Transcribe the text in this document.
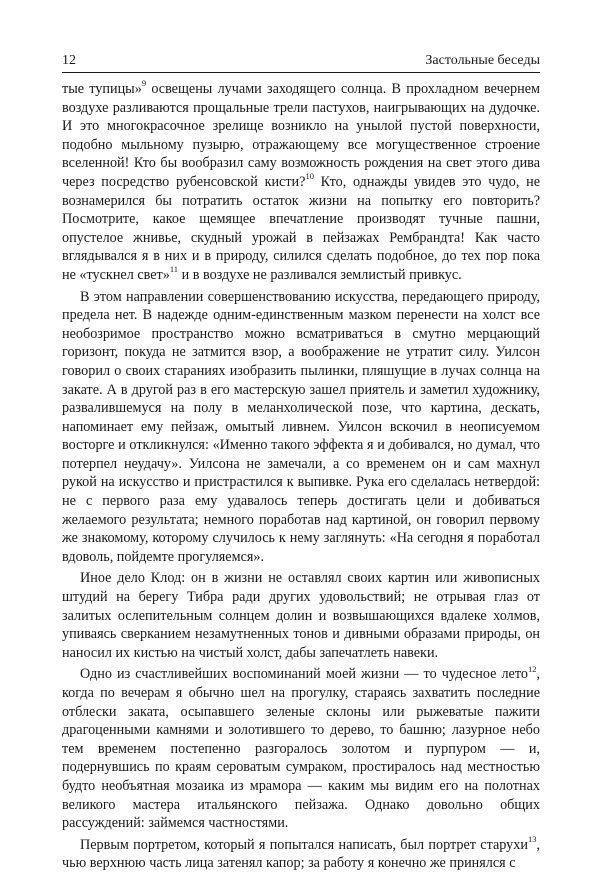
12	Застольные беседы

тые тупицы»$^9$ освещены лучами заходящего солнца. В прохладном вечернем воздухе разливаются прощальные трели пастухов, наигрывающих на дудочке. И это многокрасочное зрелище возникло на унылой пустой поверхности, подобно мыльному пузырю, отражающему все могущественное строение вселенной! Кто бы вообразил саму возможность рождения на свет этого дива через посредство рубенсовской кисти?$^{10}$ Кто, однажды увидев это чудо, не вознамерился бы потратить остаток жизни на попытку его повторить? Посмотрите, какое щемящее впечатление производят тучные пашни, опустелое жнивье, скудный урожай в пейзажах Рембрандта! Как часто вглядывался я в них и в природу, силился сделать подобное, до тех пор пока не «тускнел свет»$^{11}$ и в воздухе не разливался землистый привкус.

В этом направлении совершенствованию искусства, передающего природу, предела нет. В надежде одним-единственным мазком перенести на холст все необозримое пространство можно всматриваться в смутно мерцающий горизонт, покуда не затмится взор, а воображение не утратит силу. Уилсон говорил о своих стараниях изобразить пылинки, пляшущие в лучах солнца на закате. А в другой раз в его мастерскую зашел приятель и заметил художнику, развалившемуся на полу в меланхолической позе, что картина, дескать, напоминает ему пейзаж, омытый ливнем. Уилсон вскочил в неописуемом восторге и откликнулся: «Именно такого эффекта я и добивался, но думал, что потерпел неудачу». Уилсона не замечали, а со временем он и сам махнул рукой на искусство и пристрастился к выпивке. Рука его сделалась нетвердой: не с первого раза ему удавалось теперь достигать цели и добиваться желаемого результата; немного поработав над картиной, он говорил первому же знакомому, которому случилось к нему заглянуть: «На сегодня я поработал вдоволь, пойдемте прогуляемся».

Иное дело Клод: он в жизни не оставлял своих картин или живописных штудий на берегу Тибра ради других удовольствий; не отрывая глаз от залитых ослепительным солнцем долин и возвышающихся вдалеке холмов, упиваясь сверканием незамутненных тонов и дивными образами природы, он наносил их кистью на чистый холст, дабы запечатлеть навеки.

Одно из счастливейших воспоминаний моей жизни — то чудесное лето$^{12}$, когда по вечерам я обычно шел на прогулку, стараясь захватить последние отблески заката, осыпавшего зеленые склоны или рыжеватые пажити драгоценными камнями и золотившего то дерево, то башню; лазурное небо тем временем постепенно разгоралось золотом и пурпуром — и, подернувшись по краям сероватым сумраком, простиралось над местностью будто необъятная мозаика из мрамора — каким мы видим его на полотнах великого мастера итальянского пейзажа. Однако довольно общих рассуждений: займемся частностями.

Первым портретом, который я попытался написать, был портрет старухи$^{13}$, чью верхнюю часть лица затенял капор; за работу я конечно же принялся с
